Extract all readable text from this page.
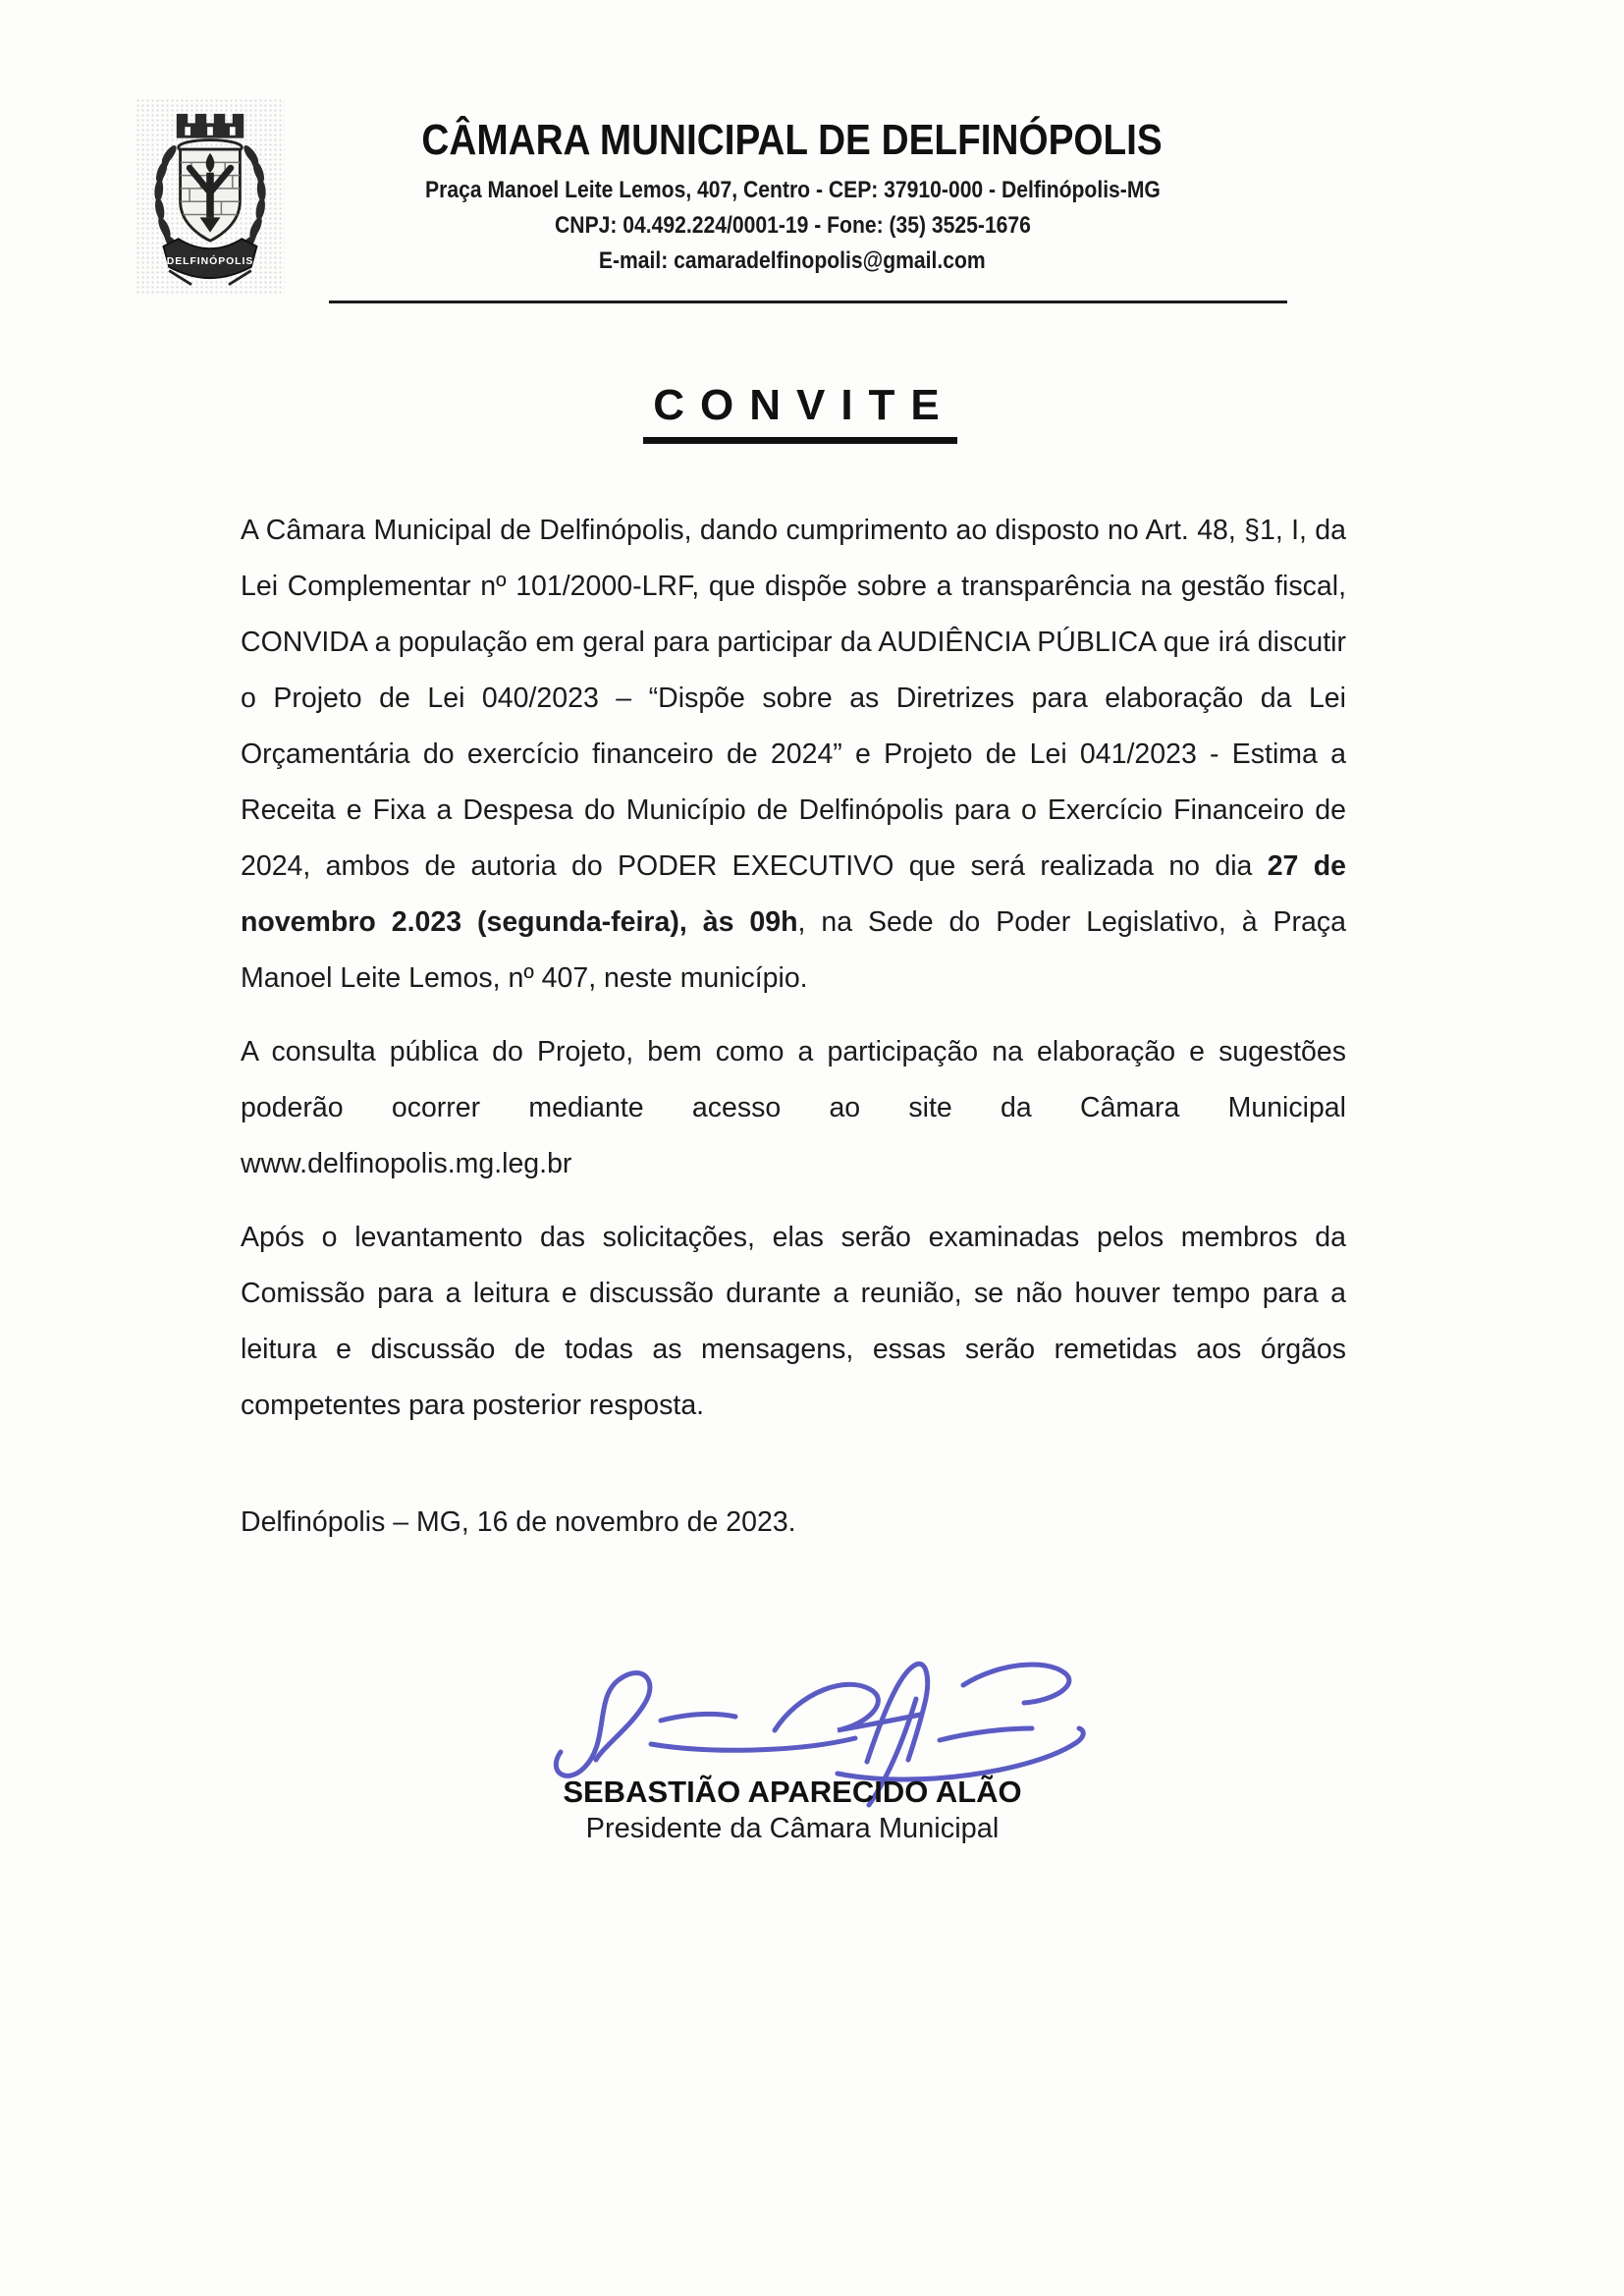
DELFINÓPOLIS
CÂMARA MUNICIPAL DE DELFINÓPOLIS
Praça Manoel Leite Lemos, 407, Centro - CEP: 37910-000 - Delfinópolis-MG
CNPJ: 04.492.224/0001-19 - Fone: (35) 3525-1676
E-mail: camaradelfinopolis@gmail.com
CONVITE

A Câmara Municipal de Delfinópolis, dando cumprimento ao disposto no Art. 48, §1, I, da Lei Complementar nº 101/2000-LRF, que dispõe sobre a transparência na gestão fiscal, CONVIDA a população em geral para participar da AUDIÊNCIA PÚBLICA que irá discutir o Projeto de Lei 040/2023 – “Dispõe sobre as Diretrizes para elaboração da Lei Orçamentária do exercício financeiro de 2024” e Projeto de Lei 041/2023 - Estima a Receita e Fixa a Despesa do Município de Delfinópolis para o Exercício Financeiro de 2024, ambos de autoria do PODER EXECUTIVO que será realizada no dia 27 de novembro 2.023 (segunda-feira), às 09h, na Sede do Poder Legislativo, à Praça Manoel Leite Lemos, nº 407, neste município.

A consulta pública do Projeto, bem como a participação na elaboração e sugestões poderão ocorrer mediante acesso ao site da Câmara Municipal www.delfinopolis.mg.leg.br

Após o levantamento das solicitações, elas serão examinadas pelos membros da Comissão para a leitura e discussão durante a reunião, se não houver tempo para a leitura e discussão de todas as mensagens, essas serão remetidas aos órgãos competentes para posterior resposta.

Delfinópolis – MG, 16 de novembro de 2023.

SEBASTIÃO APARECIDO ALÃO
Presidente da Câmara Municipal
